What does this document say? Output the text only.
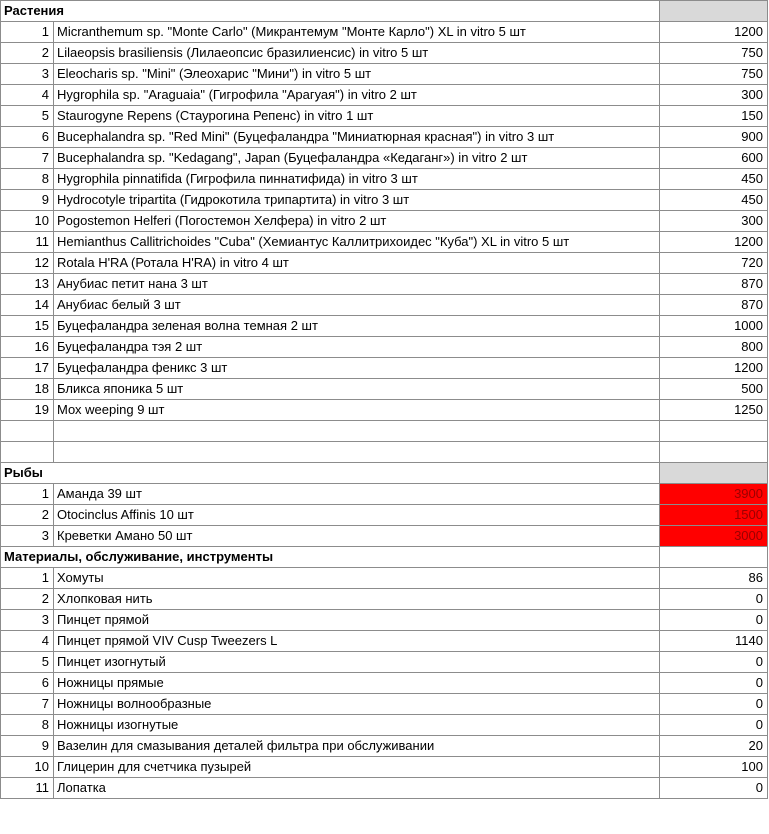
Растения		
1	Micranthemum sp. "Monte Carlo" (Микрантемум "Монте Карло") XL in vitro 5 шт	1200
2	Lilaeopsis brasiliensis (Лилаеопсис бразилиенсис) in vitro 5 шт	750
3	Eleocharis sp. "Mini" (Элеохарис "Мини") in vitro 5 шт	750
4	Hygrophila sp. "Araguaia" (Гигрофила "Арагуая") in vitro 2 шт	300
5	Staurogyne Repens (Стаурогина Репенс) in vitro 1 шт	150
6	Bucephalandra sp. "Red Mini" (Буцефаландра "Миниатюрная красная") in vitro 3 шт	900
7	Bucephalandra sp. "Kedagang", Japan (Буцефаландра «Кедаганг») in vitro 2 шт	600
8	Hygrophila pinnatifida (Гигрофила пиннатифида) in vitro 3 шт	450
9	Hydrocotyle tripartita (Гидрокотила трипартита) in vitro 3 шт	450
10	Pogostemon Helferi (Погостемон Хелфера) in vitro 2 шт	300
11	Hemianthus Callitrichoides "Cuba" (Хемиантус Каллитрихоидес "Куба") XL in vitro 5 шт	1200
12	Rotala H'RA (Ротала H'RA) in vitro 4 шт	720
13	Анубиас петит нана 3 шт	870
14	Анубиас белый 3 шт	870
15	Буцефаландра зеленая волна темная 2 шт	1000
16	Буцефаландра тэя 2 шт	800
17	Буцефаландра феникс 3 шт	1200
18	Бликса японика 5 шт	500
19	Мох weeping 9 шт	1250

Рыбы		
1	Аманда 39 шт	3900
2	Otocinclus Affinis 10 шт	1500
3	Креветки Амано 50 шт	3000
Материалы, обслуживание, инструменты		
1	Хомуты	86
2	Хлопковая нить	0
3	Пинцет прямой	0
4	Пинцет прямой VIV Cusp Tweezers L	1140
5	Пинцет изогнутый	0
6	Ножницы прямые	0
7	Ножницы волнообразные	0
8	Ножницы изогнутые	0
9	Вазелин для смазывания деталей фильтра при обслуживании	20
10	Глицерин для счетчика пузырей	100
11	Лопатка	0
